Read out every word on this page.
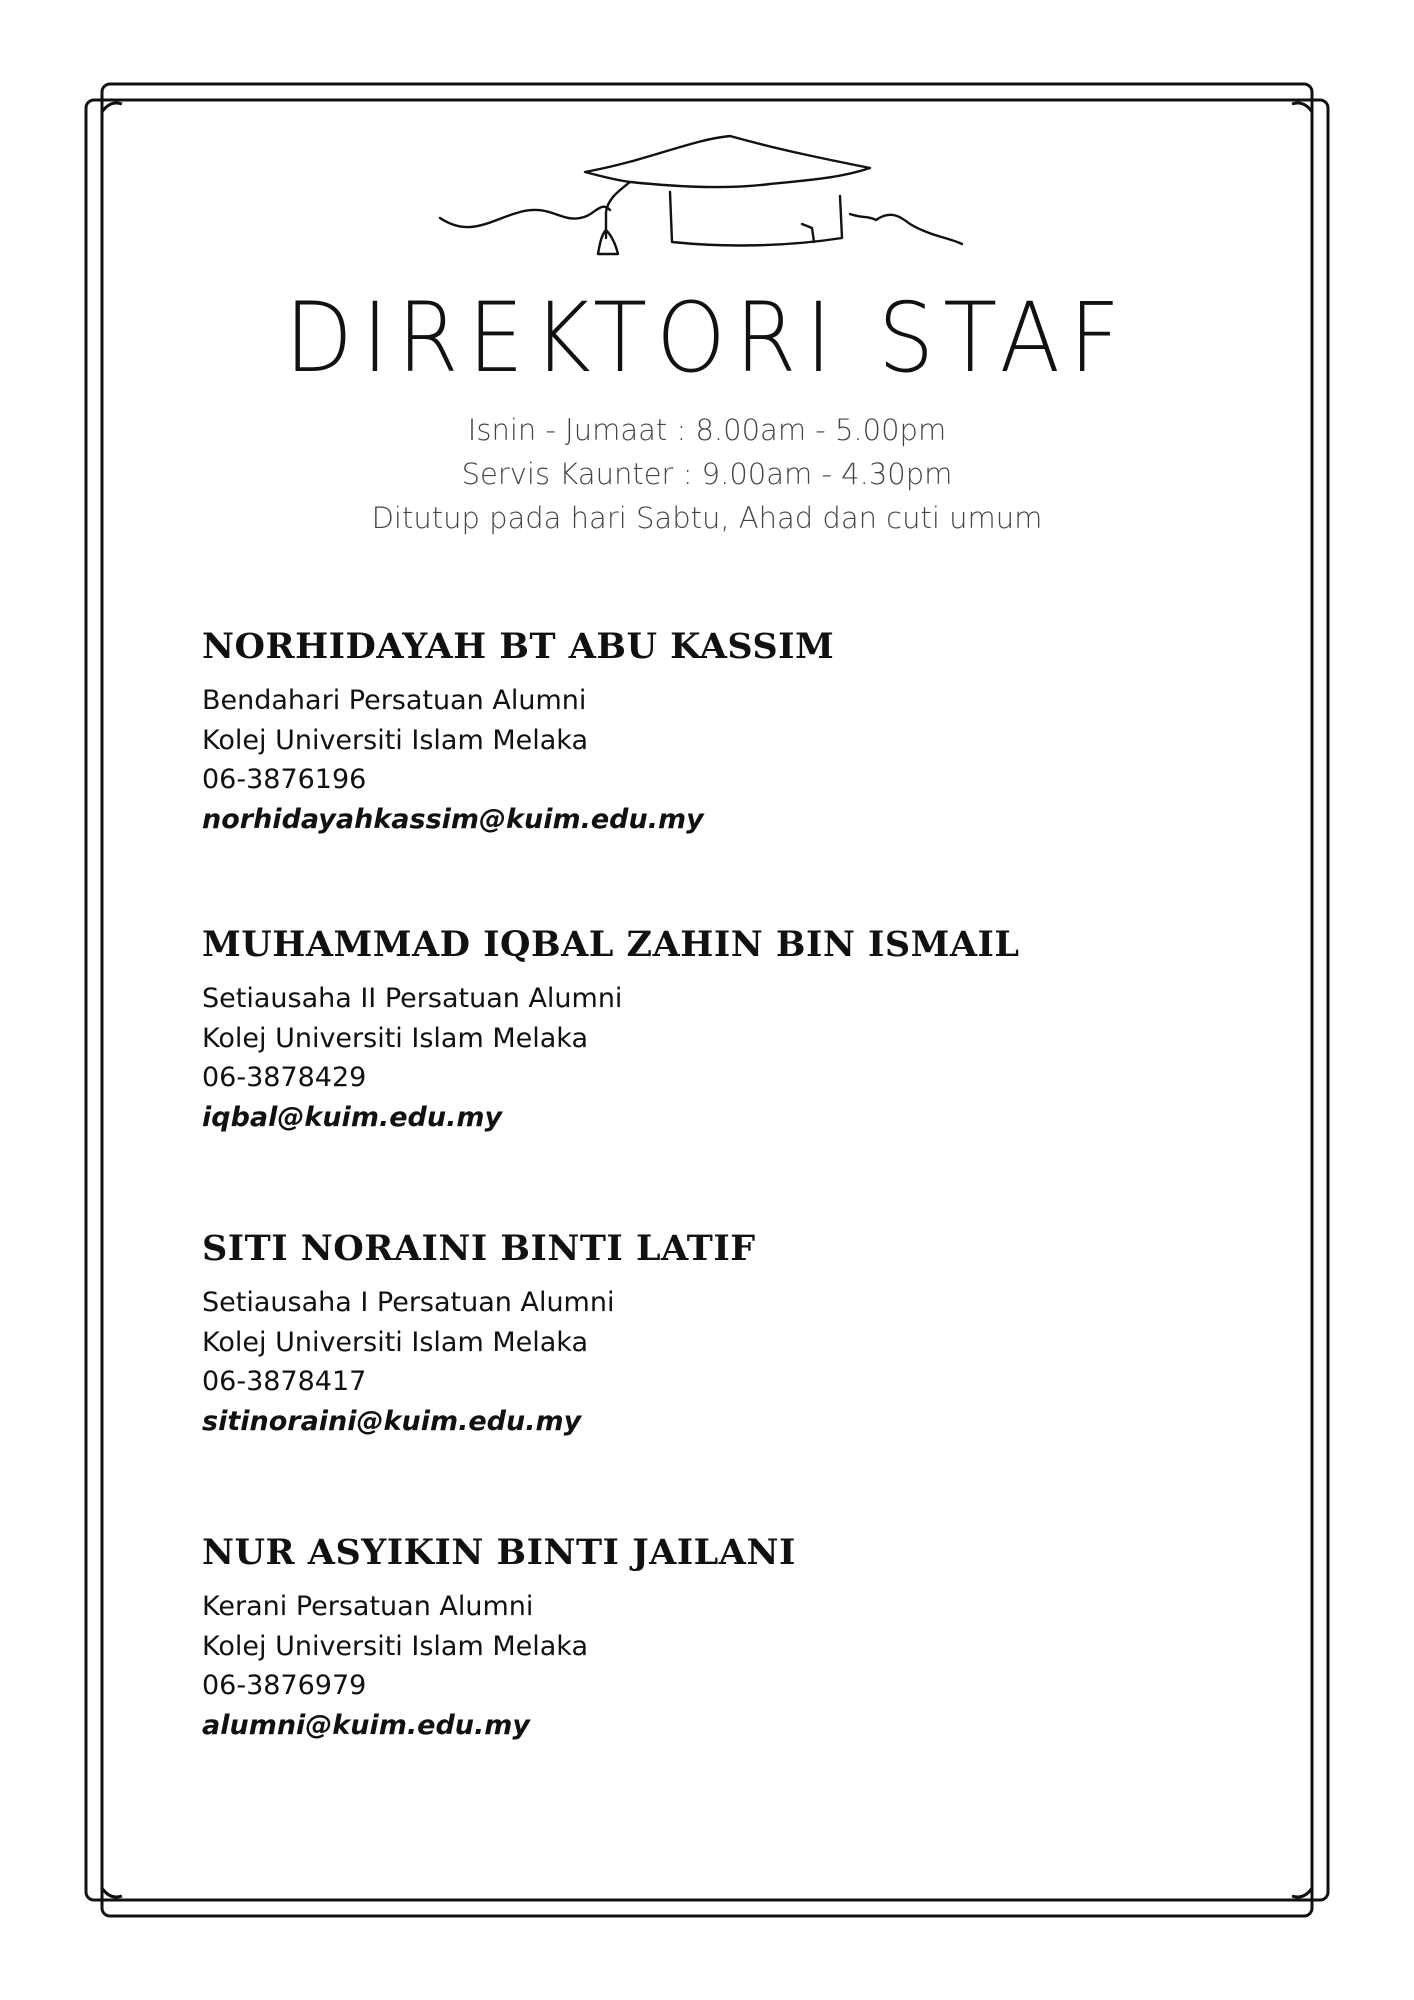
DIREKTORI STAF
Isnin - Jumaat : 8.00am - 5.00pm
Servis Kaunter : 9.00am - 4.30pm
Ditutup pada hari Sabtu, Ahad dan cuti umum
NORHIDAYAH BT ABU KASSIM
Bendahari Persatuan Alumni
Kolej Universiti Islam Melaka
06-3876196
norhidayahkassim@kuim.edu.my
MUHAMMAD IQBAL ZAHIN BIN ISMAIL
Setiausaha II Persatuan Alumni
Kolej Universiti Islam Melaka
06-3878429
iqbal@kuim.edu.my
SITI NORAINI BINTI LATIF
Setiausaha I Persatuan Alumni
Kolej Universiti Islam Melaka
06-3878417
sitinoraini@kuim.edu.my
NUR ASYIKIN BINTI JAILANI
Kerani Persatuan Alumni
Kolej Universiti Islam Melaka
06-3876979
alumni@kuim.edu.my
